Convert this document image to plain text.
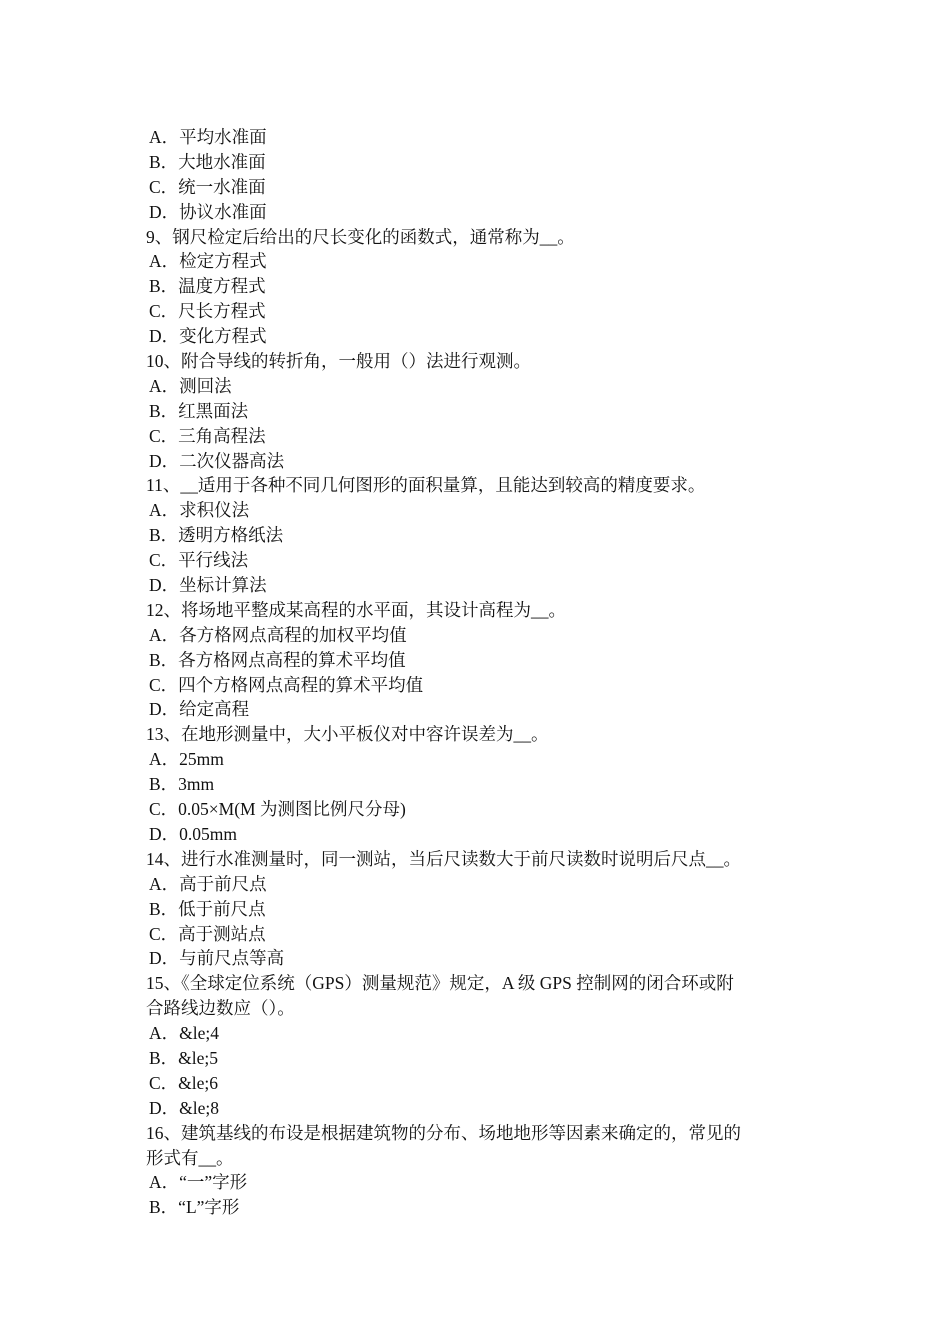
A．平均水准面
B．大地水准面
C．统一水准面
D．协议水准面
9、钢尺检定后给出的尺长变化的函数式，通常称为__。
A．检定方程式
B．温度方程式
C．尺长方程式
D．变化方程式
10、附合导线的转折角，一般用（）法进行观测。
A．测回法
B．红黑面法
C．三角高程法
D．二次仪器高法
11、__适用于各种不同几何图形的面积量算，且能达到较高的精度要求。
A．求积仪法
B．透明方格纸法
C．平行线法
D．坐标计算法
12、将场地平整成某高程的水平面，其设计高程为__。
A．各方格网点高程的加权平均值
B．各方格网点高程的算术平均值
C．四个方格网点高程的算术平均值
D．给定高程
13、在地形测量中，大小平板仪对中容许误差为__。
A．25mm
B．3mm
C．0.05×M(M 为测图比例尺分母)
D．0.05mm
14、进行水准测量时，同一测站，当后尺读数大于前尺读数时说明后尺点__。
A．高于前尺点
B．低于前尺点
C．高于测站点
D．与前尺点等高
15、《全球定位系统（GPS）测量规范》规定，A 级 GPS 控制网的闭合环或附
合路线边数应（）。
A．&le;4
B．&le;5
C．&le;6
D．&le;8
16、建筑基线的布设是根据建筑物的分布、场地地形等因素来确定的，常见的
形式有__。
A．“一”字形
B．“L”字形
